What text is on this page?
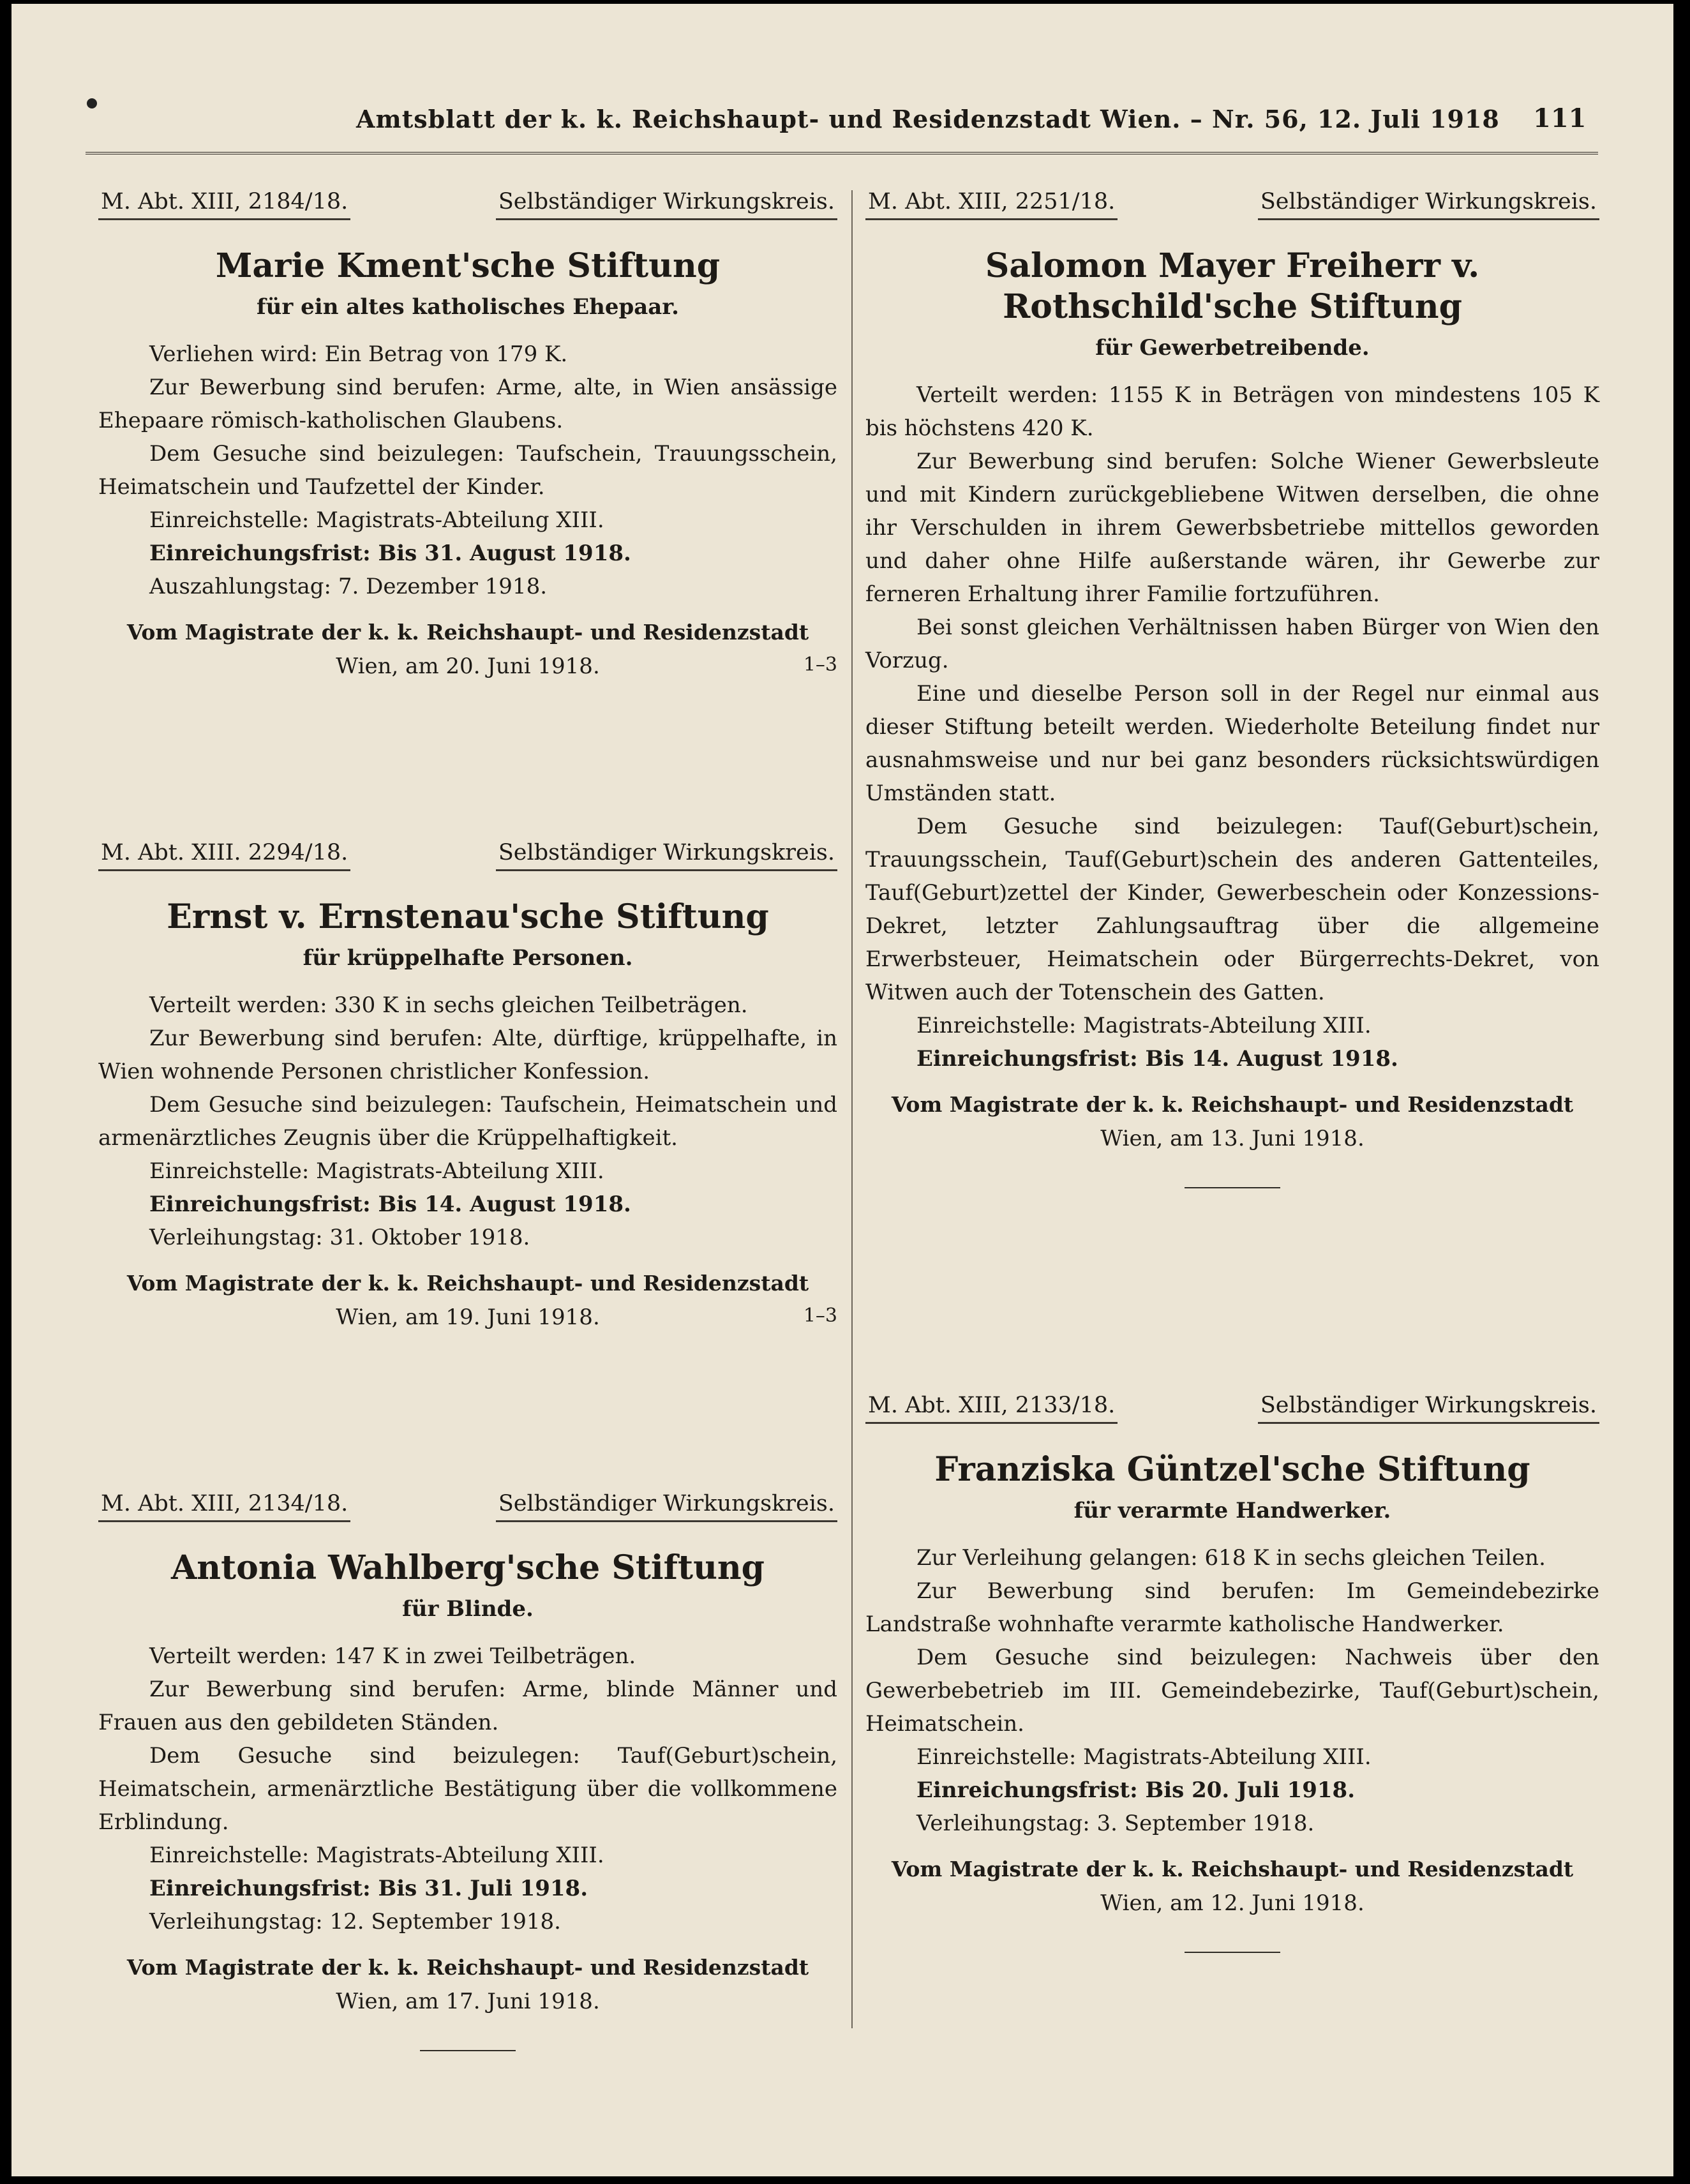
Amtsblatt der k. k. Reichshaupt- und Residenzstadt Wien. – Nr. 56, 12. Juli 1918 111
M. Abt. XIII, 2184/18.	Selbständiger Wirkungskreis.
Marie Kment'sche Stiftung
für ein altes katholisches Ehepaar.

Verliehen wird: Ein Betrag von 179 K.

Zur Bewerbung sind berufen: Arme, alte, in Wien ansässige Ehepaare römisch-katholischen Glaubens.

Dem Gesuche sind beizulegen: Taufschein, Trauungsschein, Heimatschein und Taufzettel der Kinder.

Einreichstelle: Magistrats-Abteilung XIII.

Einreichungsfrist: Bis 31. August 1918.

Auszahlungstag: 7. Dezember 1918.

Vom Magistrate der k. k. Reichshaupt- und Residenzstadt
Wien, am 20. Juni 1918.	1–3
M. Abt. XIII. 2294/18.	Selbständiger Wirkungskreis.
Ernst v. Ernstenau'sche Stiftung
für krüppelhafte Personen.

Verteilt werden: 330 K in sechs gleichen Teilbeträgen.

Zur Bewerbung sind berufen: Alte, dürftige, krüppelhafte, in Wien wohnende Personen christlicher Konfession.

Dem Gesuche sind beizulegen: Taufschein, Heimatschein und armenärztliches Zeugnis über die Krüppelhaftigkeit.

Einreichstelle: Magistrats-Abteilung XIII.

Einreichungsfrist: Bis 14. August 1918.

Verleihungstag: 31. Oktober 1918.

Vom Magistrate der k. k. Reichshaupt- und Residenzstadt
Wien, am 19. Juni 1918.	1–3
M. Abt. XIII, 2134/18.	Selbständiger Wirkungskreis.
Antonia Wahlberg'sche Stiftung
für Blinde.

Verteilt werden: 147 K in zwei Teilbeträgen.

Zur Bewerbung sind berufen: Arme, blinde Männer und Frauen aus den gebildeten Ständen.

Dem Gesuche sind beizulegen: Tauf(Geburt)schein, Heimatschein, armenärztliche Bestätigung über die vollkommene Erblindung.

Einreichstelle: Magistrats-Abteilung XIII.

Einreichungsfrist: Bis 31. Juli 1918.

Verleihungstag: 12. September 1918.

Vom Magistrate der k. k. Reichshaupt- und Residenzstadt
Wien, am 17. Juni 1918.
M. Abt. XIII, 2251/18.	Selbständiger Wirkungskreis.
Salomon Mayer Freiherr v. Rothschild'sche Stiftung
für Gewerbetreibende.

Verteilt werden: 1155 K in Beträgen von mindestens 105 K bis höchstens 420 K.

Zur Bewerbung sind berufen: Solche Wiener Gewerbsleute und mit Kindern zurückgebliebene Witwen derselben, die ohne ihr Verschulden in ihrem Gewerbsbetriebe mittellos geworden und daher ohne Hilfe außerstande wären, ihr Gewerbe zur ferneren Erhaltung ihrer Familie fortzuführen.

Bei sonst gleichen Verhältnissen haben Bürger von Wien den Vorzug.

Eine und dieselbe Person soll in der Regel nur einmal aus dieser Stiftung beteilt werden. Wiederholte Beteilung findet nur ausnahmsweise und nur bei ganz besonders rücksichtswürdigen Umständen statt.

Dem Gesuche sind beizulegen: Tauf(Geburt)schein, Trauungsschein, Tauf(Geburt)schein des anderen Gattenteiles, Tauf(Geburt)zettel der Kinder, Gewerbeschein oder Konzessions-Dekret, letzter Zahlungsauftrag über die allgemeine Erwerbsteuer, Heimatschein oder Bürgerrechts-Dekret, von Witwen auch der Totenschein des Gatten.

Einreichstelle: Magistrats-Abteilung XIII.

Einreichungsfrist: Bis 14. August 1918.

Vom Magistrate der k. k. Reichshaupt- und Residenzstadt
Wien, am 13. Juni 1918.
M. Abt. XIII, 2133/18.	Selbständiger Wirkungskreis.
Franziska Güntzel'sche Stiftung
für verarmte Handwerker.

Zur Verleihung gelangen: 618 K in sechs gleichen Teilen.

Zur Bewerbung sind berufen: Im Gemeindebezirke Landstraße wohnhafte verarmte katholische Handwerker.

Dem Gesuche sind beizulegen: Nachweis über den Gewerbebetrieb im III. Gemeindebezirke, Tauf(Geburt)schein, Heimatschein.

Einreichstelle: Magistrats-Abteilung XIII.

Einreichungsfrist: Bis 20. Juli 1918.

Verleihungstag: 3. September 1918.

Vom Magistrate der k. k. Reichshaupt- und Residenzstadt
Wien, am 12. Juni 1918.
